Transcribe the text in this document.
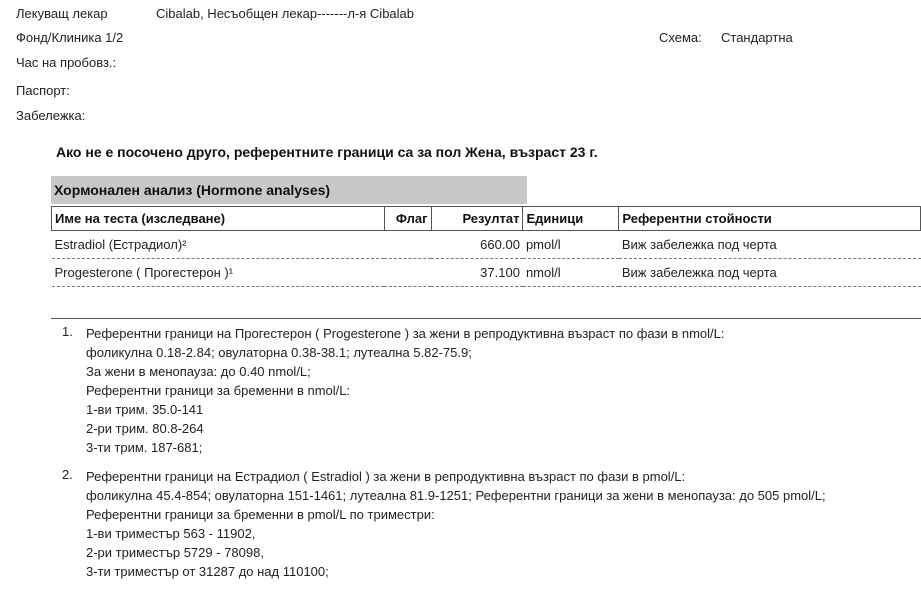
Лекуващ лекар	Cibalab, Несъобщен лекар-------л-я Cibalab
Фонд/Клиника 1/2	Схема: Стандартна
Час на пробовз.:
Паспорт:
Забележка:
Ако не е посочено друго, референтните граници са за пол Жена, възраст 23 г.
Хормонален анализ (Hormone analyses)
Име на теста (изследване)	Флаг	Резултат	Единици	Референтни стойности
Estradiol (Естрадиол)²		660.00	pmol/l	Виж забележка под черта
Progesterone ( Прогестерон )¹		37.100	nmol/l	Виж забележка под черта
1.	Референтни граници на Прогестерон ( Progesterone ) за жени в репродуктивна възраст по фази в nmol/L:
фоликулна 0.18-2.84; овулаторна 0.38-38.1; лутеална 5.82-75.9;
За жени в менопауза: до 0.40 nmol/L;
Референтни граници за бременни в nmol/L:
1-ви трим. 35.0-141
2-ри трим. 80.8-264
3-ти трим. 187-681;
2.	Референтни граници на Естрадиол ( Estradiol ) за жени в репродуктивна възраст по фази в pmol/L:
фоликулна 45.4-854; овулаторна 151-1461; лутеална 81.9-1251; Референтни граници за жени в менопауза: до 505 pmol/L;
Референтни граници за бременни в pmol/L по триместри:
1-ви триместър 563 - 11902,
2-ри триместър 5729 - 78098,
3-ти триместър от 31287 до над 110100;
